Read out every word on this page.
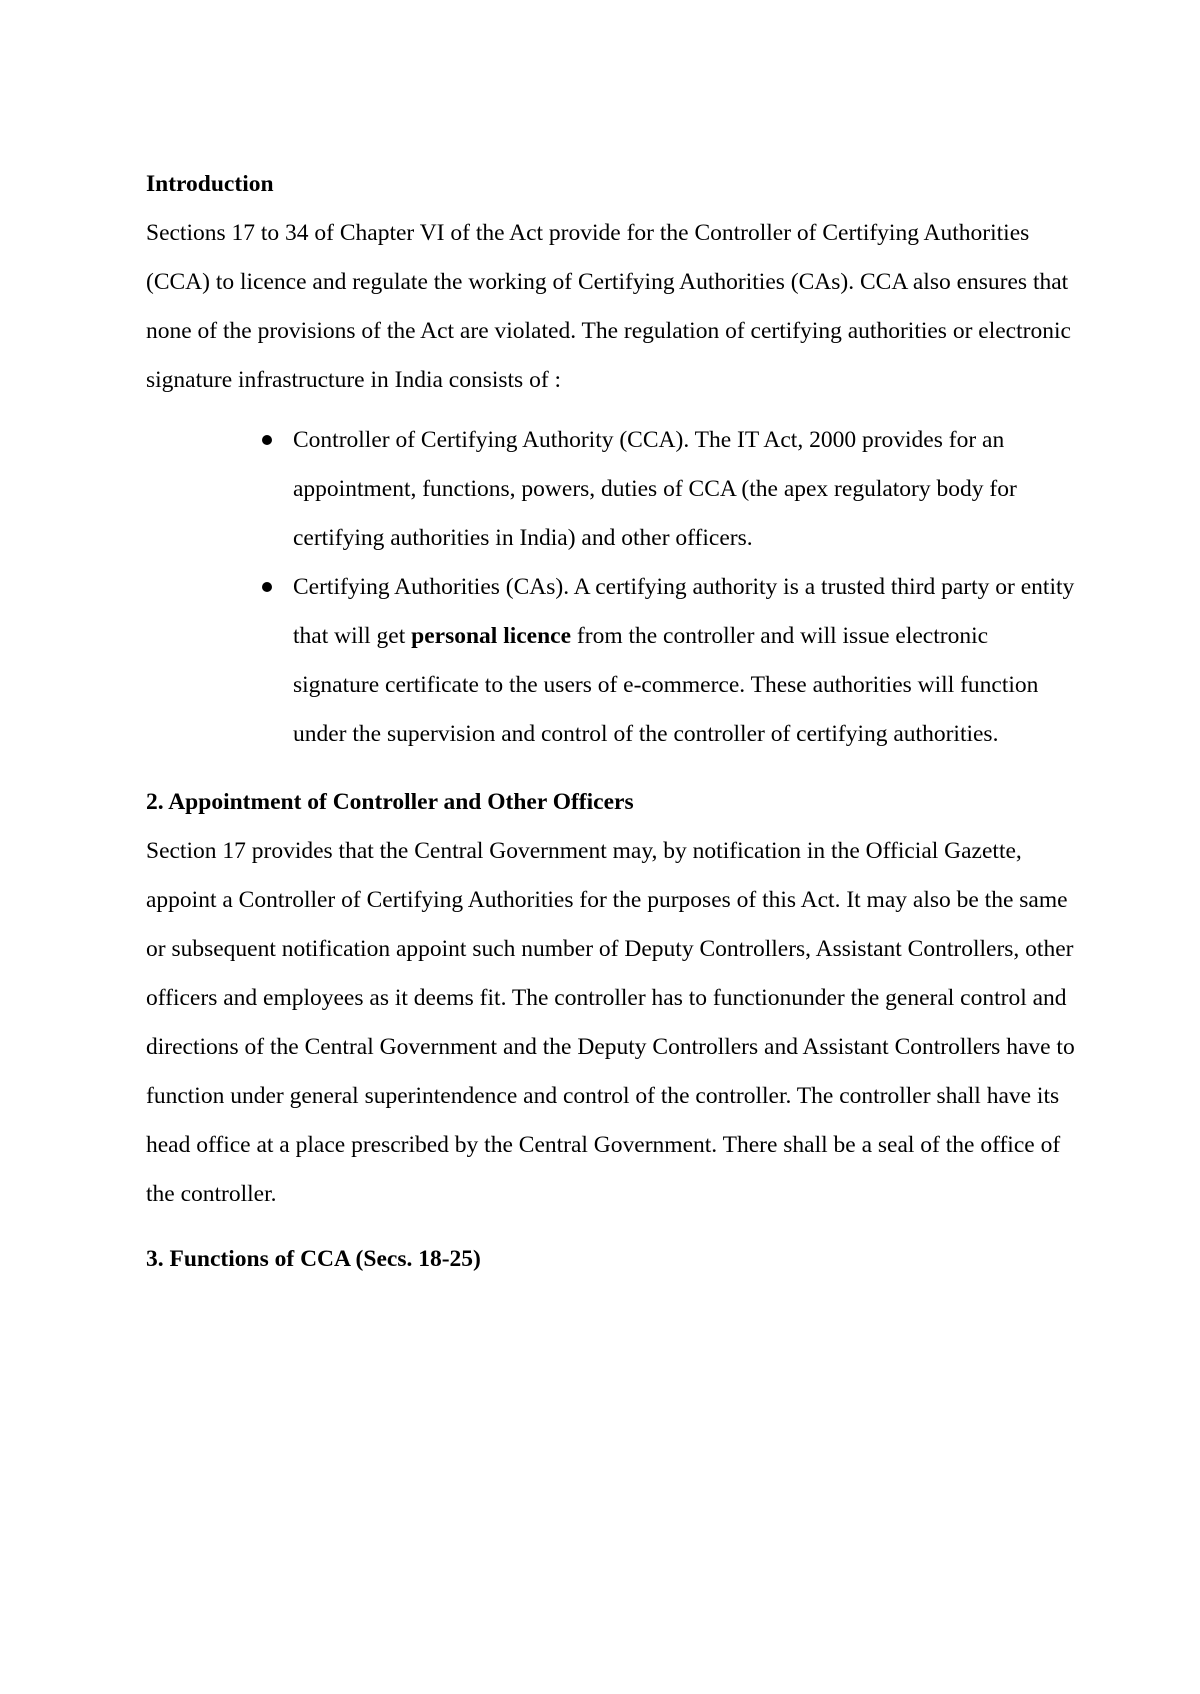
Introduction

Sections 17 to 34 of Chapter VI of the Act provide for the Controller of Certifying Authorities (CCA) to licence and regulate the working of Certifying Authorities (CAs). CCA also ensures that none of the provisions of the Act are violated. The regulation of certifying authorities or electronic signature infrastructure in India consists of :

Controller of Certifying Authority (CCA). The IT Act, 2000 provides for an appointment, functions, powers, duties of CCA (the apex regulatory body for certifying authorities in India) and other officers.
Certifying Authorities (CAs). A certifying authority is a trusted third party or entity that will get personal licence from the controller and will issue electronic signature certificate to the users of e-commerce. These authorities will function under the supervision and control of the controller of certifying authorities.

2. Appointment of Controller and Other Officers

Section 17 provides that the Central Government may, by notification in the Official Gazette, appoint a Controller of Certifying Authorities for the purposes of this Act. It may also be the same or subsequent notification appoint such number of Deputy Controllers, Assistant Controllers, other officers and employees as it deems fit. The controller has to functionunder the general control and directions of the Central Government and the Deputy Controllers and Assistant Controllers have to function under general superintendence and control of the controller. The controller shall have its head office at a place prescribed by the Central Government. There shall be a seal of the office of the controller.

3. Functions of CCA (Secs. 18-25)
